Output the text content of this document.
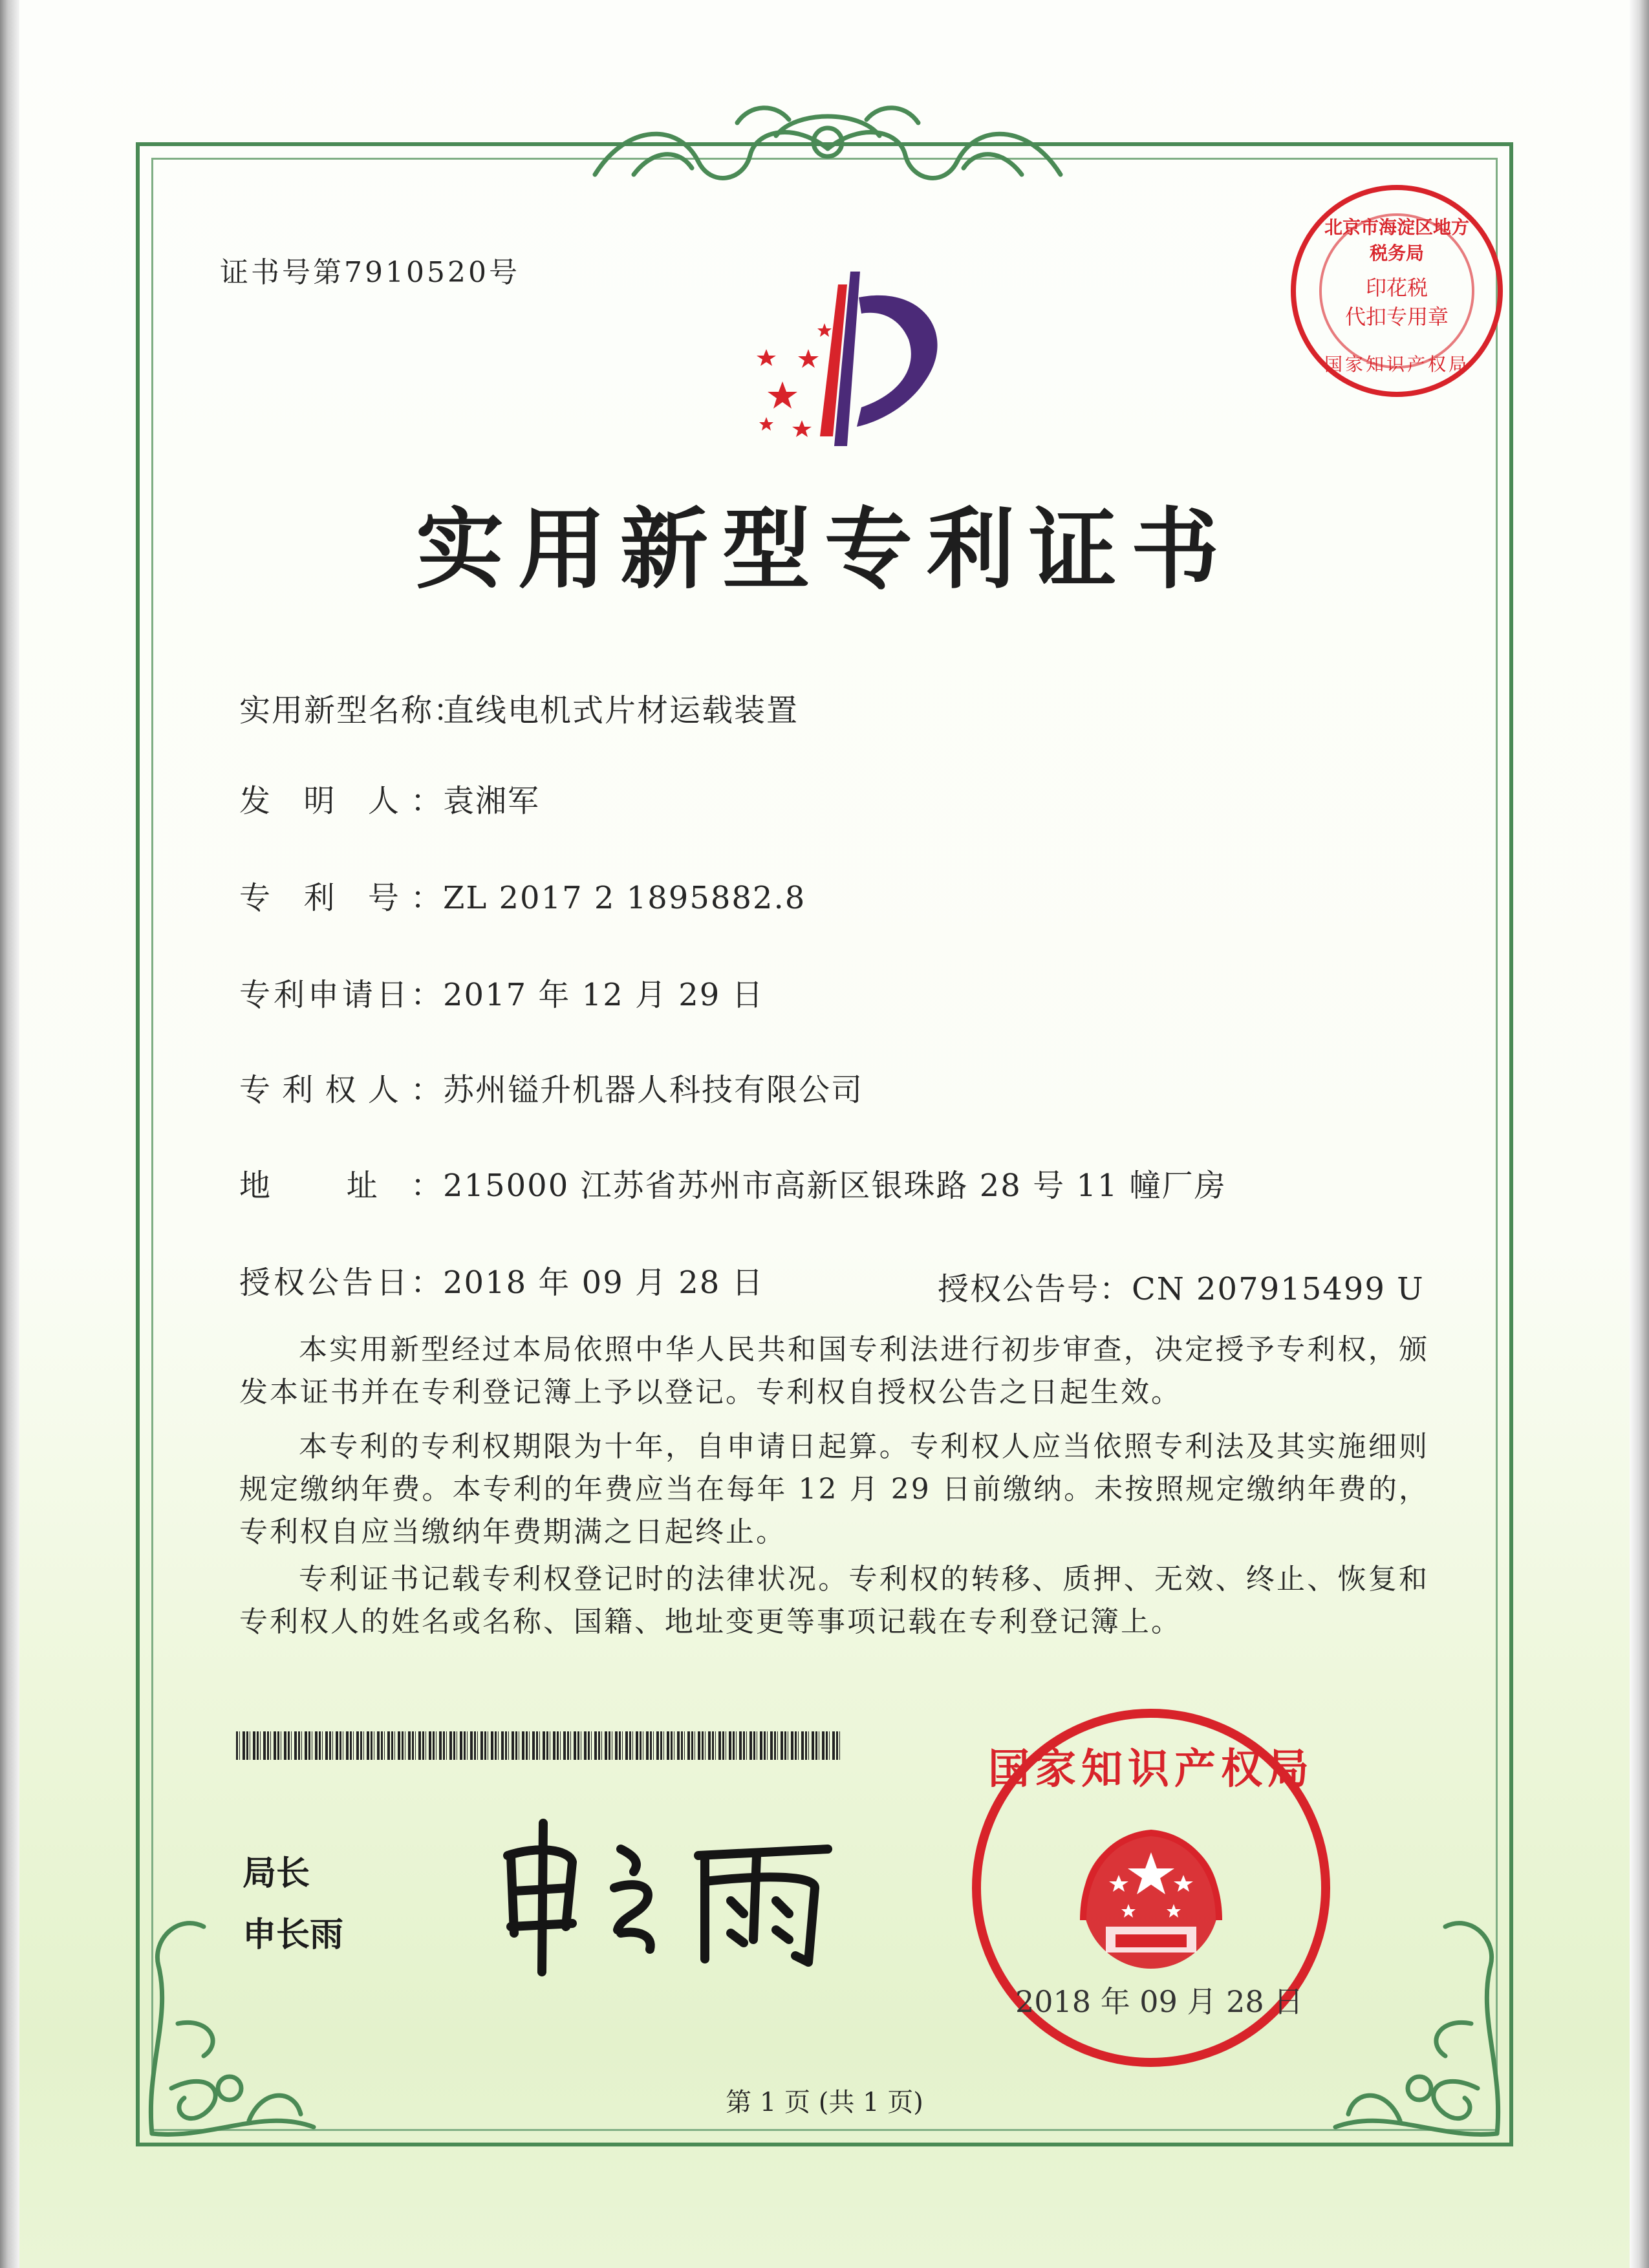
证书号第7910520号
北京市海淀区地方税务局
印花税
代扣专用章
国家知识产权局
实用新型专利证书
实用新型名称：直线电机式片材运载装置
发 明 人：袁湘军
专 利 号：ZL 2017 2 1895882.8
专利申请日：2017 年 12 月 29 日
专利权人：苏州镒升机器人科技有限公司
地 址：215000 江苏省苏州市高新区银珠路 28 号 11 幢厂房
授权公告日：2018 年 09 月 28 日	授权公告号：CN 207915499 U
本实用新型经过本局依照中华人民共和国专利法进行初步审查，决定授予专利权，颁发本证书并在专利登记簿上予以登记。专利权自授权公告之日起生效。
本专利的专利权期限为十年，自申请日起算。专利权人应当依照专利法及其实施细则规定缴纳年费。本专利的年费应当在每年 12 月 29 日前缴纳。未按照规定缴纳年费的，专利权自应当缴纳年费期满之日起终止。
专利证书记载专利权登记时的法律状况。专利权的转移、质押、无效、终止、恢复和专利权人的姓名或名称、国籍、地址变更等事项记载在专利登记簿上。
局长
申长雨
国家知识产权局
2018 年 09 月 28 日
第 1 页 (共 1 页)
